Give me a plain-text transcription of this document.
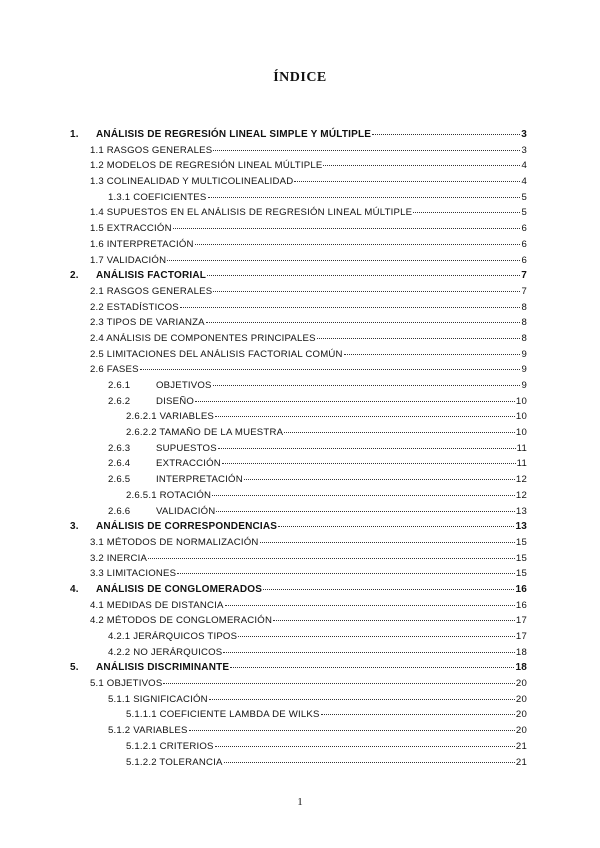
ÍNDICE
1.	ANÁLISIS DE REGRESIÓN LINEAL SIMPLE Y MÚLTIPLE	3
1.1 RASGOS GENERALES	3
1.2 MODELOS DE REGRESIÓN LINEAL MÚLTIPLE	4
1.3 COLINEALIDAD Y MULTICOLINEALIDAD	4
1.3.1 COEFICIENTES	5
1.4 SUPUESTOS EN EL ANÁLISIS DE REGRESIÓN LINEAL MÚLTIPLE	5
1.5 EXTRACCIÓN	6
1.6 INTERPRETACIÓN	6
1.7 VALIDACIÓN	6
2.	ANÁLISIS FACTORIAL	7
2.1 RASGOS GENERALES	7
2.2 ESTADÍSTICOS	8
2.3 TIPOS DE VARIANZA	8
2.4 ANÁLISIS DE COMPONENTES PRINCIPALES	8
2.5 LIMITACIONES DEL ANÁLISIS FACTORIAL COMÚN	9
2.6 FASES	9
2.6.1	OBJETIVOS	9
2.6.2	DISEÑO	10
2.6.2.1 VARIABLES	10
2.6.2.2 TAMAÑO DE LA MUESTRA	10
2.6.3	SUPUESTOS	11
2.6.4	EXTRACCIÓN	11
2.6.5	INTERPRETACIÓN	12
2.6.5.1 ROTACIÓN	12
2.6.6	VALIDACIÓN	13
3.	ANÁLISIS DE CORRESPONDENCIAS	13
3.1 MÉTODOS DE NORMALIZACIÓN	15
3.2 INERCIA	15
3.3 LIMITACIONES	15
4.	ANÁLISIS DE CONGLOMERADOS	16
4.1 MEDIDAS DE DISTANCIA	16
4.2 MÉTODOS DE CONGLOMERACIÓN	17
4.2.1 JERÁRQUICOS TIPOS	17
4.2.2 NO JERÁRQUICOS	18
5.	ANÁLISIS DISCRIMINANTE	18
5.1 OBJETIVOS	20
5.1.1 SIGNIFICACIÓN	20
5.1.1.1 COEFICIENTE LAMBDA DE WILKS	20
5.1.2 VARIABLES	20
5.1.2.1 CRITERIOS	21
5.1.2.2 TOLERANCIA	21
1
